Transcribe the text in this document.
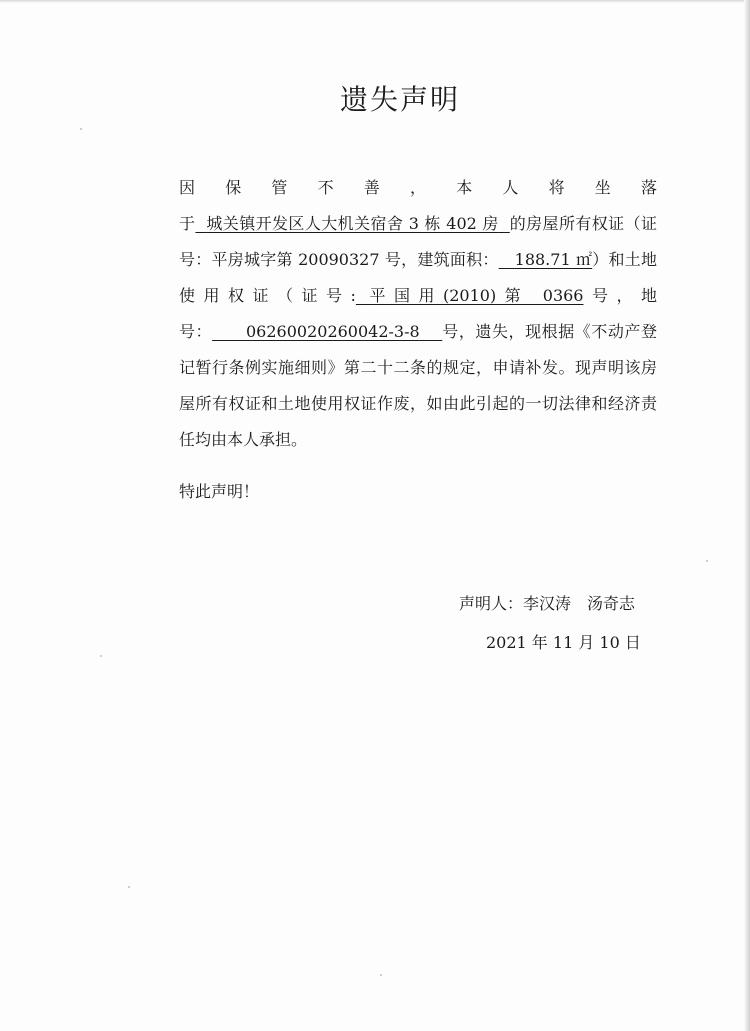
遗失声明

因保管不善，本人将坐落于 城关镇开发区人大机关宿舍 3 栋 402 房 的房屋所有权证（证号：平房城字第 20090327 号，建筑面积： 188.71 ㎡）和土地使用权证（证号: 平国用(2010)第 0366号，地号： 06260020260042-3-8 号，遗失，现根据《不动产登记暂行条例实施细则》第二十二条的规定，申请补发。现声明该房屋所有权证和土地使用权证作废，如由此引起的一切法律和经济责任均由本人承担。

特此声明！
声明人：李汉涛 汤奇志
2021 年 11 月 10 日
